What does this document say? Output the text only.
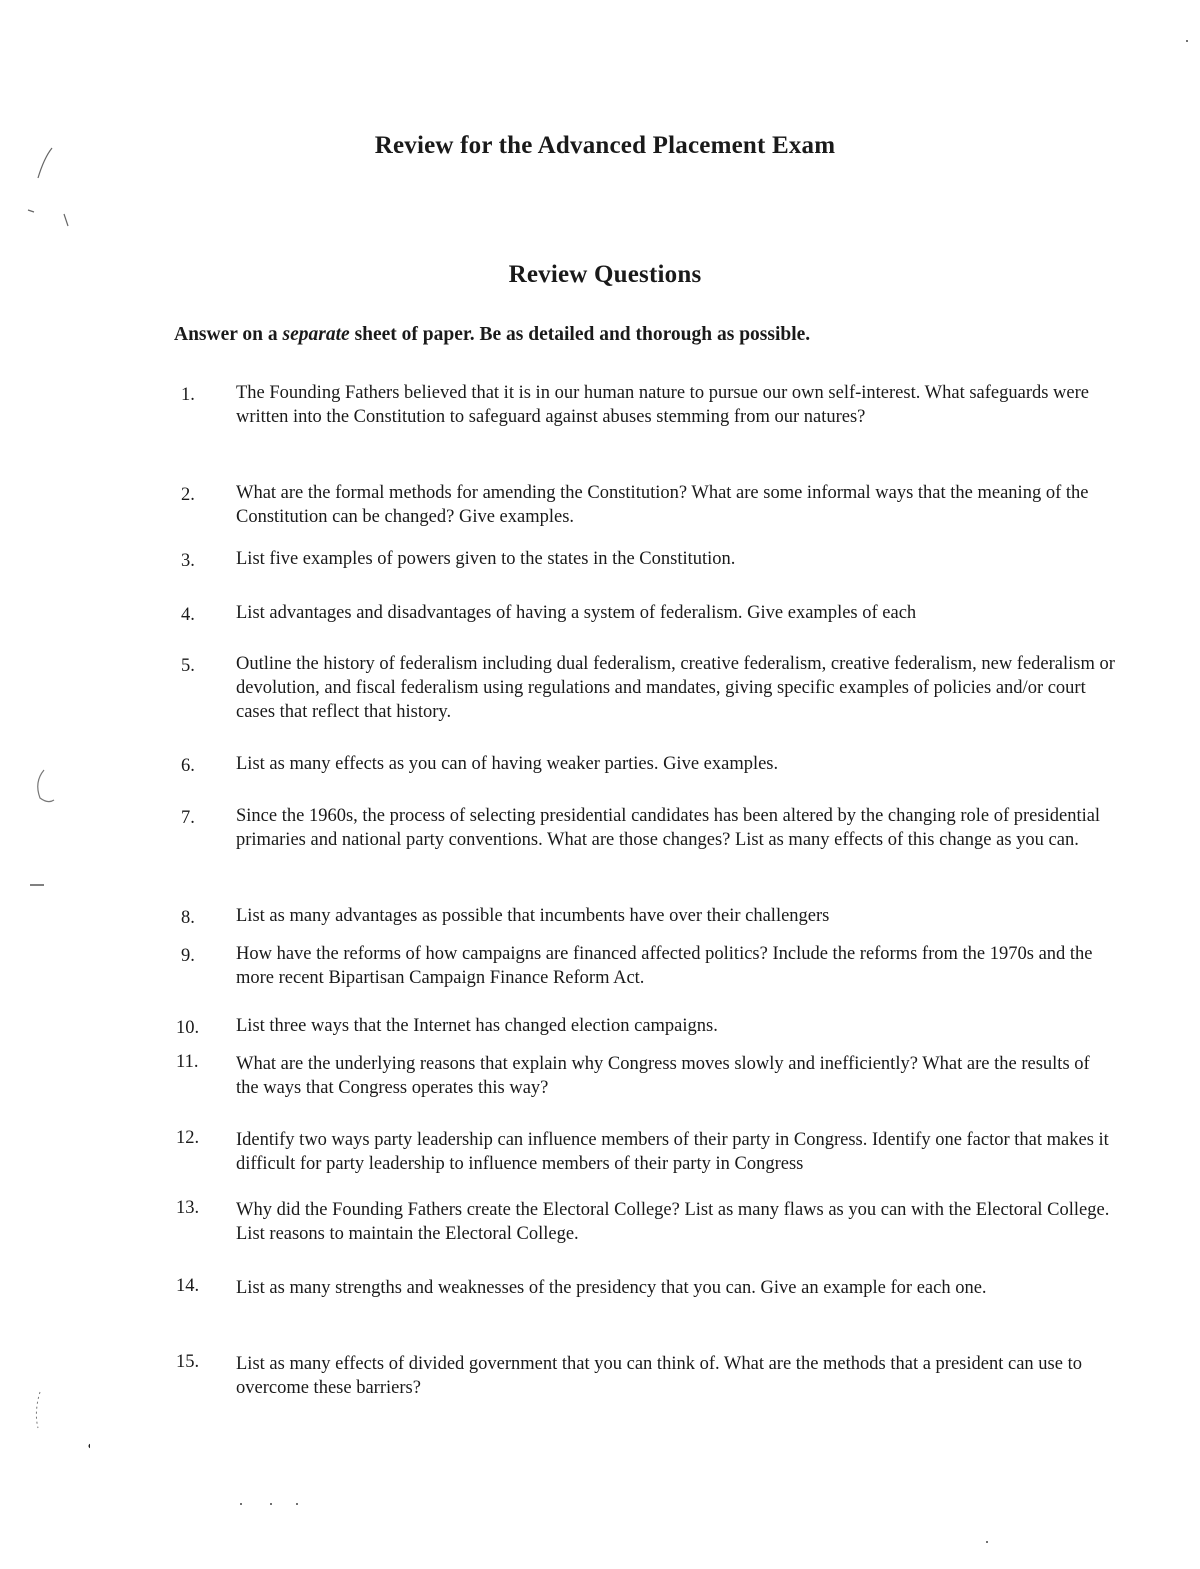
Review for the Advanced Placement Exam
Review Questions
Answer on a separate sheet of paper. Be as detailed and thorough as possible.
1. The Founding Fathers believed that it is in our human nature to pursue our own self-interest. What safeguards were written into the Constitution to safeguard against abuses stemming from our natures?
2. What are the formal methods for amending the Constitution? What are some informal ways that the meaning of the Constitution can be changed? Give examples.
3. List five examples of powers given to the states in the Constitution.
4. List advantages and disadvantages of having a system of federalism. Give examples of each
5. Outline the history of federalism including dual federalism, creative federalism, creative federalism, new federalism or devolution, and fiscal federalism using regulations and mandates, giving specific examples of policies and/or court cases that reflect that history.
6. List as many effects as you can of having weaker parties. Give examples.
7. Since the 1960s, the process of selecting presidential candidates has been altered by the changing role of presidential primaries and national party conventions. What are those changes? List as many effects of this change as you can.
8. List as many advantages as possible that incumbents have over their challengers
9. How have the reforms of how campaigns are financed affected politics? Include the reforms from the 1970s and the more recent Bipartisan Campaign Finance Reform Act.
10. List three ways that the Internet has changed election campaigns.
11. What are the underlying reasons that explain why Congress moves slowly and inefficiently? What are the results of the ways that Congress operates this way?
12. Identify two ways party leadership can influence members of their party in Congress. Identify one factor that makes it difficult for party leadership to influence members of their party in Congress
13. Why did the Founding Fathers create the Electoral College? List as many flaws as you can with the Electoral College. List reasons to maintain the Electoral College.
14. List as many strengths and weaknesses of the presidency that you can. Give an example for each one.
15. List as many effects of divided government that you can think of. What are the methods that a president can use to overcome these barriers?
